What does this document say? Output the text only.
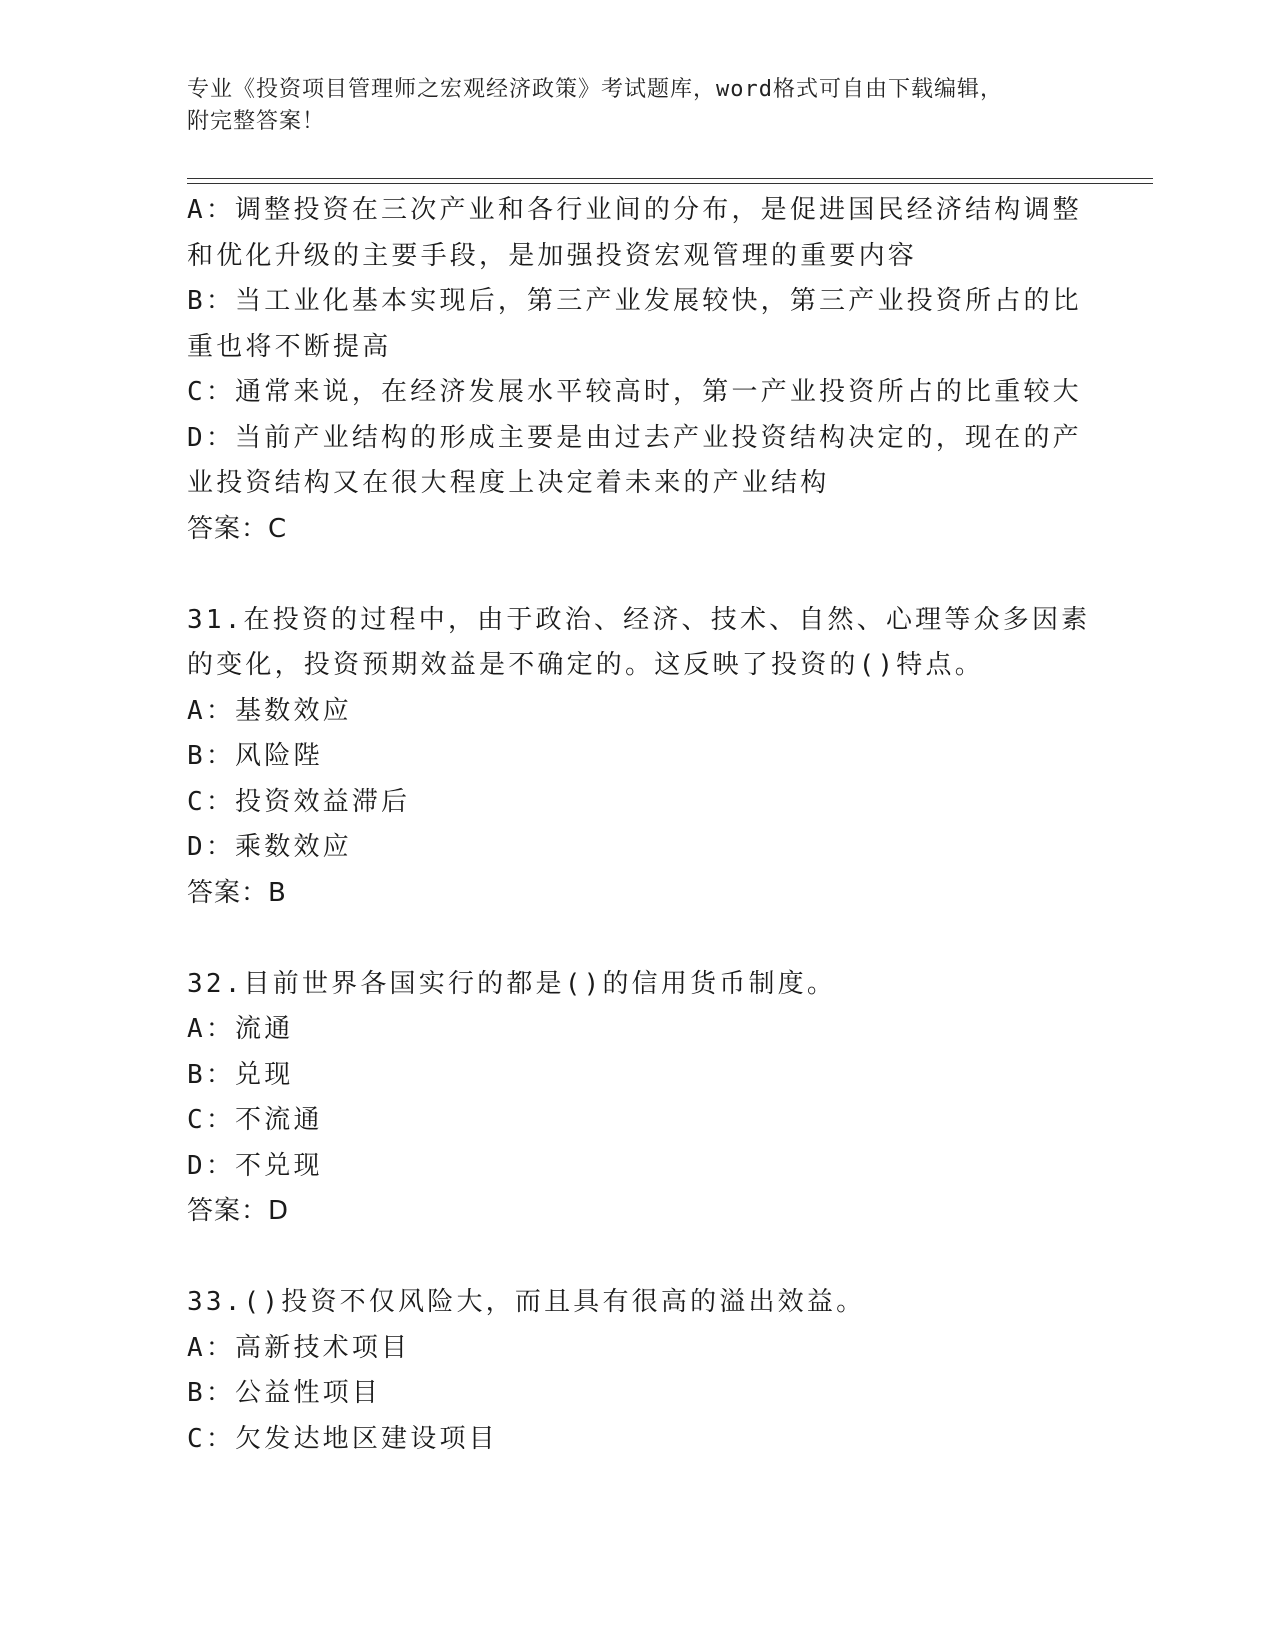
专业《投资项目管理师之宏观经济政策》考试题库，word格式可自由下载编辑，
附完整答案！
A：调整投资在三次产业和各行业间的分布，是促进国民经济结构调整
和优化升级的主要手段，是加强投资宏观管理的重要内容
B：当工业化基本实现后，第三产业发展较快，第三产业投资所占的比
重也将不断提高
C：通常来说，在经济发展水平较高时，第一产业投资所占的比重较大
D：当前产业结构的形成主要是由过去产业投资结构决定的，现在的产
业投资结构又在很大程度上决定着未来的产业结构
答案：C
31.在投资的过程中，由于政治、经济、技术、自然、心理等众多因素
的变化，投资预期效益是不确定的。这反映了投资的()特点。
A：基数效应
B：风险陛
C：投资效益滞后
D：乘数效应
答案：B
32.目前世界各国实行的都是()的信用货币制度。
A：流通
B：兑现
C：不流通
D：不兑现
答案：D
33.()投资不仅风险大，而且具有很高的溢出效益。
A：高新技术项目
B：公益性项目
C：欠发达地区建设项目
